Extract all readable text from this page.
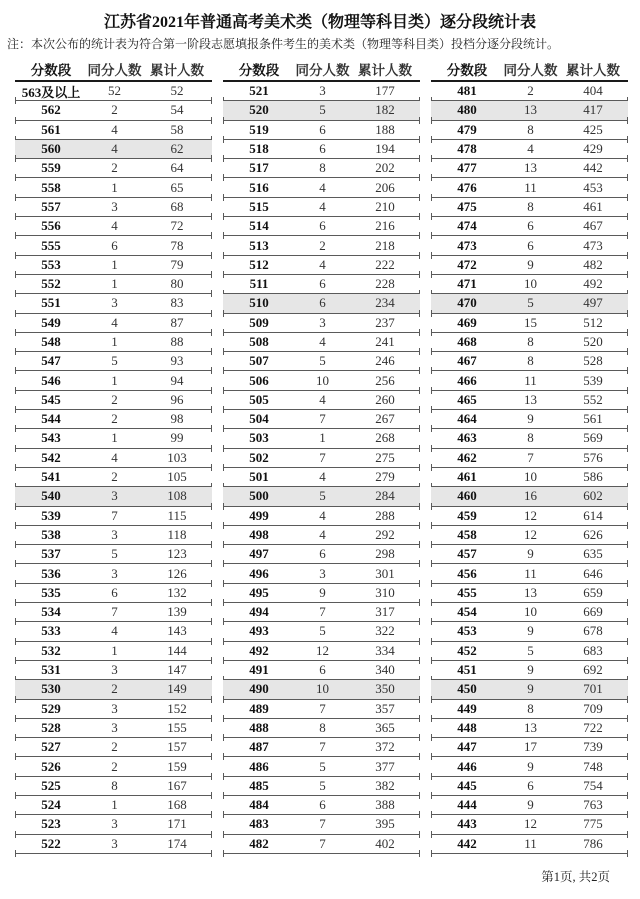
江苏省2021年普通高考美术类（物理等科目类）逐分段统计表
注：本次公布的统计表为符合第一阶段志愿填报条件考生的美术类（物理等科目类）投档分逐分段统计。
分数段	同分人数 累计人数
563及以上	52	52
562	2	54
561	4	58
560	4	62
559	2	64
558	1	65
557	3	68
556	4	72
555	6	78
553	1	79
552	1	80
551	3	83
549	4	87
548	1	88
547	5	93
546	1	94
545	2	96
544	2	98
543	1	99
542	4	103
541	2	105
540	3	108
539	7	115
538	3	118
537	5	123
536	3	126
535	6	132
534	7	139
533	4	143
532	1	144
531	3	147
530	2	149
529	3	152
528	3	155
527	2	157
526	2	159
525	8	167
524	1	168
523	3	171
522	3	174
分数段	同分人数 累计人数
521	3	177
520	5	182
519	6	188
518	6	194
517	8	202
516	4	206
515	4	210
514	6	216
513	2	218
512	4	222
511	6	228
510	6	234
509	3	237
508	4	241
507	5	246
506	10	256
505	4	260
504	7	267
503	1	268
502	7	275
501	4	279
500	5	284
499	4	288
498	4	292
497	6	298
496	3	301
495	9	310
494	7	317
493	5	322
492	12	334
491	6	340
490	10	350
489	7	357
488	8	365
487	7	372
486	5	377
485	5	382
484	6	388
483	7	395
482	7	402
分数段	同分人数 累计人数
481	2	404
480	13	417
479	8	425
478	4	429
477	13	442
476	11	453
475	8	461
474	6	467
473	6	473
472	9	482
471	10	492
470	5	497
469	15	512
468	8	520
467	8	528
466	11	539
465	13	552
464	9	561
463	8	569
462	7	576
461	10	586
460	16	602
459	12	614
458	12	626
457	9	635
456	11	646
455	13	659
454	10	669
453	9	678
452	5	683
451	9	692
450	9	701
449	8	709
448	13	722
447	17	739
446	9	748
445	6	754
444	9	763
443	12	775
442	11	786
第1页, 共2页
